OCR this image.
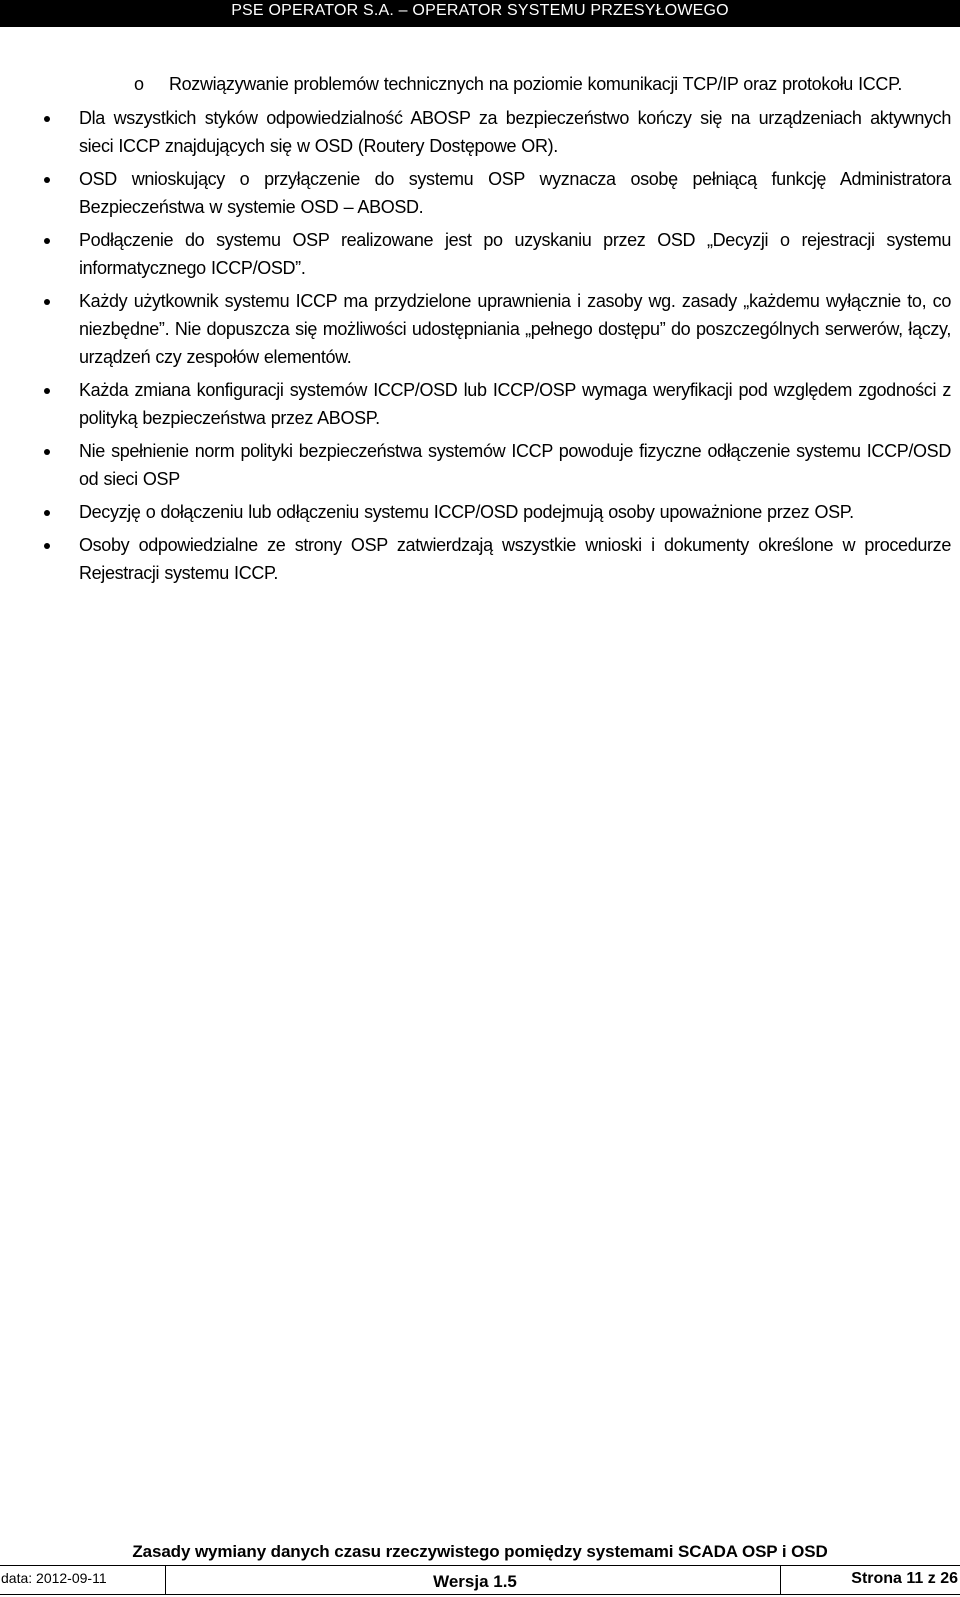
PSE OPERATOR S.A. – OPERATOR SYSTEMU PRZESYŁOWEGO
o Rozwiązywanie problemów technicznych na poziomie komunikacji TCP/IP oraz protokołu ICCP.
Dla wszystkich styków odpowiedzialność ABOSP za bezpieczeństwo kończy się na urządzeniach aktywnych sieci ICCP znajdujących się w OSD (Routery Dostępowe OR).
OSD wnioskujący o przyłączenie do systemu OSP wyznacza osobę pełniącą funkcję Administratora Bezpieczeństwa w systemie OSD – ABOSD.
Podłączenie do systemu OSP realizowane jest po uzyskaniu przez OSD „Decyzji o rejestracji systemu informatycznego ICCP/OSD”.
Każdy użytkownik systemu ICCP ma przydzielone uprawnienia i zasoby wg. zasady „każdemu wyłącznie to, co niezbędne”. Nie dopuszcza się możliwości udostępniania „pełnego dostępu” do poszczególnych serwerów, łączy, urządzeń czy zespołów elementów.
Każda zmiana konfiguracji systemów ICCP/OSD lub ICCP/OSP wymaga weryfikacji pod względem zgodności z polityką bezpieczeństwa przez ABOSP.
Nie spełnienie norm polityki bezpieczeństwa systemów ICCP powoduje fizyczne odłączenie systemu ICCP/OSD od sieci OSP
Decyzję o dołączeniu lub odłączeniu systemu ICCP/OSD podejmują osoby upoważnione przez OSP.
Osoby odpowiedzialne ze strony OSP zatwierdzają wszystkie wnioski i dokumenty określone w procedurze Rejestracji systemu ICCP.
Zasady wymiany danych czasu rzeczywistego pomiędzy systemami SCADA OSP i OSD
data: 2012-09-11	Wersja 1.5	Strona 11 z 26
